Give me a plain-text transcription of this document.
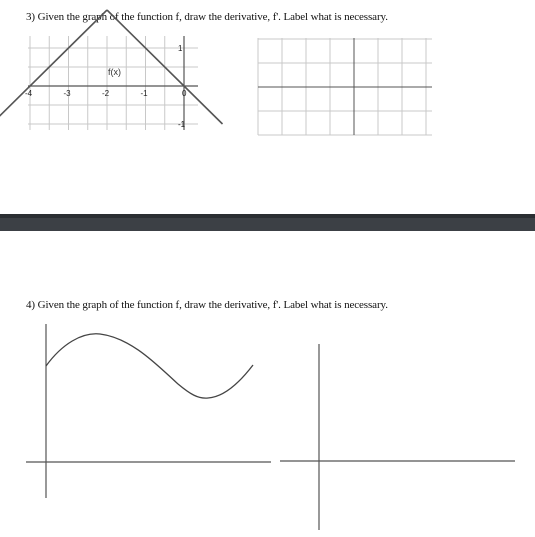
3) Given the graph of the function f, draw the derivative, f'. Label what is necessary.
-4	-3	-2	-1	0
1
-1
f(x)
4) Given the graph of the function f, draw the derivative, f'. Label what is necessary.
